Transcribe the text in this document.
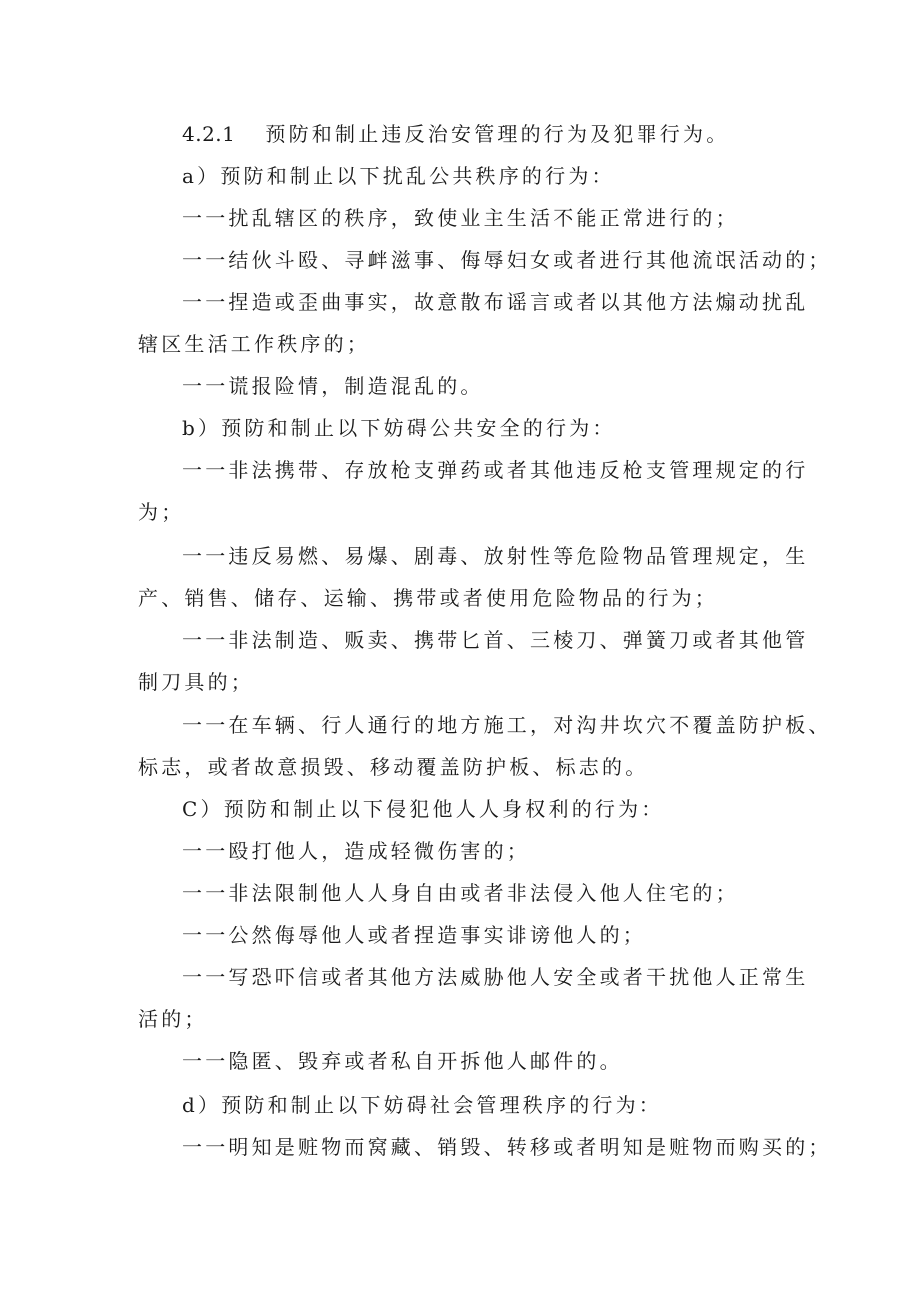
4.2.1 预防和制止违反治安管理的行为及犯罪行为。
a）预防和制止以下扰乱公共秩序的行为：
一一扰乱辖区的秩序，致使业主生活不能正常进行的；
一一结伙斗殴、寻衅滋事、侮辱妇女或者进行其他流氓活动的；
一一捏造或歪曲事实，故意散布谣言或者以其他方法煽动扰乱
辖区生活工作秩序的；
一一谎报险情，制造混乱的。
b）预防和制止以下妨碍公共安全的行为：
一一非法携带、存放枪支弹药或者其他违反枪支管理规定的行
为；
一一违反易燃、易爆、剧毒、放射性等危险物品管理规定，生
产、销售、储存、运输、携带或者使用危险物品的行为；
一一非法制造、贩卖、携带匕首、三棱刀、弹簧刀或者其他管
制刀具的；
一一在车辆、行人通行的地方施工，对沟井坎穴不覆盖防护板、
标志，或者故意损毁、移动覆盖防护板、标志的。
C）预防和制止以下侵犯他人人身权利的行为：
一一殴打他人，造成轻微伤害的；
一一非法限制他人人身自由或者非法侵入他人住宅的；
一一公然侮辱他人或者捏造事实诽谤他人的；
一一写恐吓信或者其他方法威胁他人安全或者干扰他人正常生
活的；
一一隐匿、毁弃或者私自开拆他人邮件的。
d）预防和制止以下妨碍社会管理秩序的行为：
一一明知是赃物而窝藏、销毁、转移或者明知是赃物而购买的；
